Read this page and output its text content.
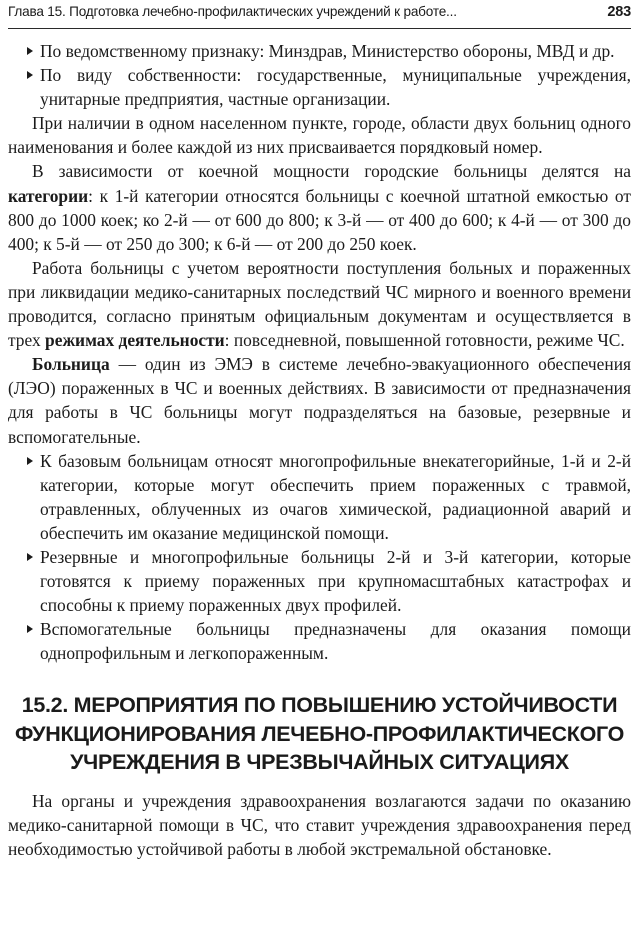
Глава 15. Подготовка лечебно-профилактических учреждений к работе...	283
По ведомственному признаку: Минздрав, Министерство обороны, МВД и др.
По виду собственности: государственные, муниципальные учреждения, унитарные предприятия, частные организации.

При наличии в одном населенном пункте, городе, области двух больниц одного наименования и более каждой из них присваивается порядковый номер.

В зависимости от коечной мощности городские больницы делятся на категории: к 1-й категории относятся больницы с коечной штатной емкостью от 800 до 1000 коек; ко 2-й — от 600 до 800; к 3-й — от 400 до 600; к 4-й — от 300 до 400; к 5-й — от 250 до 300; к 6-й — от 200 до 250 коек.

Работа больницы с учетом вероятности поступления больных и пораженных при ликвидации медико-санитарных последствий ЧС мирного и военного времени проводится, согласно принятым официальным документам и осуществляется в трех режимах деятельности: повседневной, повышенной готовности, режиме ЧС.

Больница — один из ЭМЭ в системе лечебно-эвакуационного обеспечения (ЛЭО) пораженных в ЧС и военных действиях. В зависимости от предназначения для работы в ЧС больницы могут подразделяться на базовые, резервные и вспомогательные.

К базовым больницам относят многопрофильные внекатегорийные, 1-й и 2-й категории, которые могут обеспечить прием пораженных с травмой, отравленных, облученных из очагов химической, радиационной аварий и обеспечить им оказание медицинской помощи.
Резервные и многопрофильные больницы 2-й и 3-й категории, которые готовятся к приему пораженных при крупномасштабных катастрофах и способны к приему пораженных двух профилей.
Вспомогательные больницы предназначены для оказания помощи однопрофильным и легкопораженным.
15.2. МЕРОПРИЯТИЯ ПО ПОВЫШЕНИЮ УСТОЙЧИВОСТИ
ФУНКЦИОНИРОВАНИЯ ЛЕЧЕБНО-ПРОФИЛАКТИЧЕСКОГО
УЧРЕЖДЕНИЯ В ЧРЕЗВЫЧАЙНЫХ СИТУАЦИЯХ

На органы и учреждения здравоохранения возлагаются задачи по оказанию медико-санитарной помощи в ЧС, что ставит учреждения здравоохранения перед необходимостью устойчивой работы в любой экстремальной обстановке.
